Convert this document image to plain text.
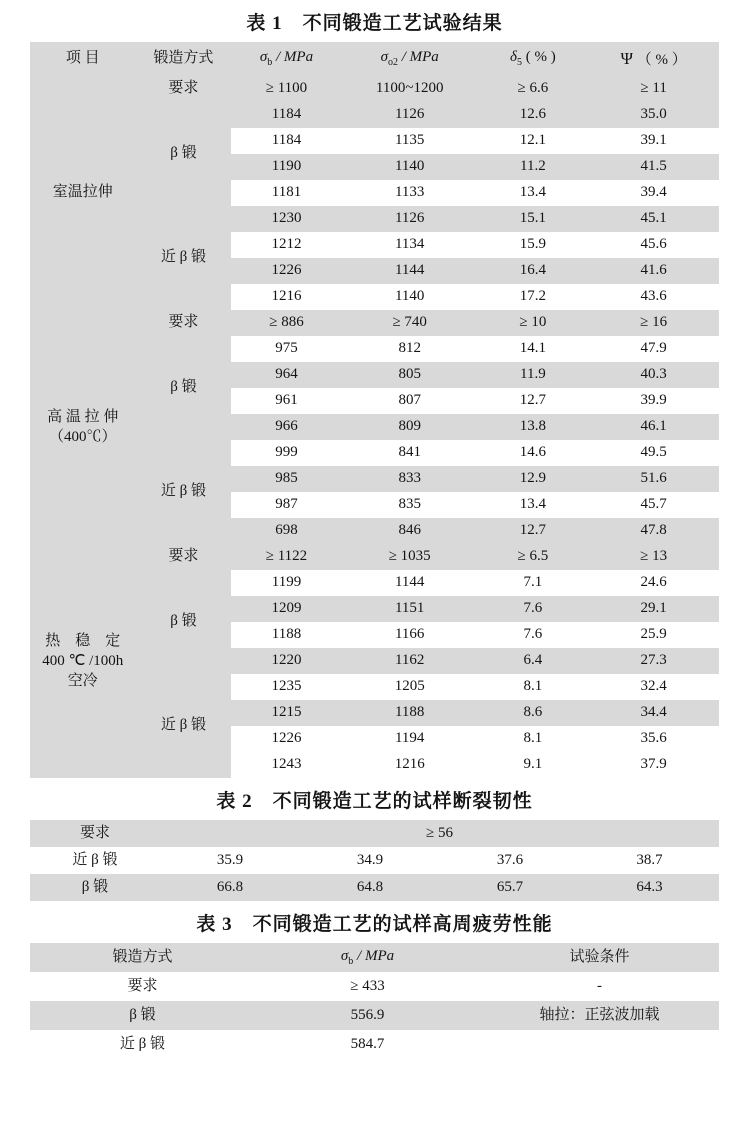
表 1　不同锻造工艺试验结果
项 目	锻造方式	$\sigma_b$ / MPa	$\sigma_{o2}$ / MPa	$\delta_5$ ( % )	Ψ （ % ）
室温拉伸	要求	≥ 1100	1100~1200	≥ 6.6	≥ 11
	β 锻	1184	1126	12.6	35.0
		1184	1135	12.1	39.1
		1190	1140	11.2	41.5
		1181	1133	13.4	39.4
	近 β 锻	1230	1126	15.1	45.1
		1212	1134	15.9	45.6
		1226	1144	16.4	41.6
		1216	1140	17.2	43.6

高 温 拉 伸
（400℃）	要求	≥ 886	≥ 740	≥ 10	≥ 16
	β 锻	975	812	14.1	47.9
		964	805	11.9	40.3
		961	807	12.7	39.9
		966	809	13.8	46.1
	近 β 锻	999	841	14.6	49.5
		985	833	12.9	51.6
		987	835	13.4	45.7
		698	846	12.7	47.8

热　稳　定
400 ℃ /100h
空冷	要求	≥ 1122	≥ 1035	≥ 6.5	≥ 13
	β 锻	1199	1144	7.1	24.6
		1209	1151	7.6	29.1
		1188	1166	7.6	25.9
		1220	1162	6.4	27.3
	近 β 锻	1235	1205	8.1	32.4
		1215	1188	8.6	34.4
		1226	1194	8.1	35.6
		1243	1216	9.1	37.9
表 2　不同锻造工艺的试样断裂韧性
要求	≥ 56			
近 β 锻	35.9	34.9	37.6	38.7
β 锻	66.8	64.8	65.7	64.3
表 3　不同锻造工艺的试样高周疲劳性能
锻造方式	$\sigma_b$ / MPa	试验条件
要求	≥ 433	-
β 锻	556.9	轴拉：正弦波加载
近 β 锻	584.7	
